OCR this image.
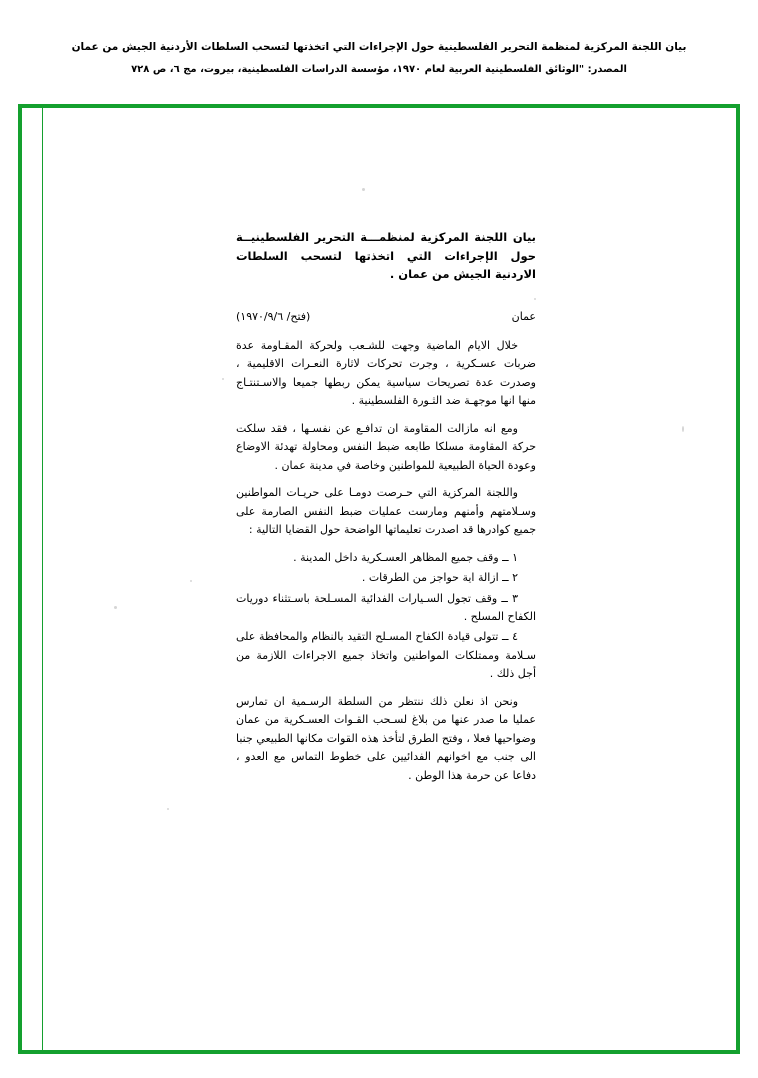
بيان اللجنة المركزية لمنظمة التحرير الفلسطينية حول الإجراءات التي اتخذتها لتسحب السلطات الأردنية الجيش من عمان
المصدر: "الوثائق الفلسطينية العربية لعام ١٩٧٠، مؤسسة الدراسات الفلسطينية، بيروت، مج ٦، ص ٧٢٨
بيان اللجنة المركزية لمنظمـــة التحرير الفلسطينيــة حول الإجراءات التي اتخذتها لتسحب السلطات الاردنية الجيش من عمان .
عمان
(فتح/ ١٩٧٠/٩/٦)

خلال الايام الماضية وجهت للشـعب ولحركة المقـاومة عدة ضربات عسـكرية ، وجرت تحركات لاثارة النعـرات الاقليمية ، وصدرت عدة تصريحات سياسية يمكن ربطها جميعا والاسـتنتـاج منها انها موجهـة ضد الثـورة الفلسطينية .

ومع انه مازالت المقاومة ان تدافـع عن نفسـها ، فقد سلكت حركة المقاومة مسلكا طابعه ضبط النفس ومحاولة تهدئة الاوضاع وعودة الحياة الطبيعية للمواطنين وخاصة في مدينة عمان .

واللجنة المركزية التي حـرصت دومـا على حريـات المواطنين وسـلامتهم وأمنهم ومارست عمليات ضبط النفس الصارمة على جميع كوادرها قد اصدرت تعليماتها الواضحة حول القضايا التالية :

١ ــ وقف جميع المظاهر العسـكرية داخل المدينة .
٢ ــ ازالة اية حواجز من الطرقات .
٣ ــ وقف تجول السـيارات الفدائية المسـلحة باسـتثناء دوريات الكفاح المسلح .
٤ ــ تتولى قيادة الكفاح المسـلح التقيد بالنظام والمحافظة على سـلامة وممتلكات المواطنين واتخاذ جميع الاجراءات اللازمة من أجل ذلك .

ونحن اذ نعلن ذلك ننتظر من السلطة الرسـمية ان تمارس عمليا ما صدر عنها من بلاغ لسـحب القـوات العسـكرية من عمان وضواحيها فعلا ، وفتح الطرق لتأخذ هذه القوات مكانها الطبيعي جنبا الى جنب مع اخوانهم الفدائيين على خطوط التماس مع العدو ، دفاعا عن حرمة هذا الوطن .
